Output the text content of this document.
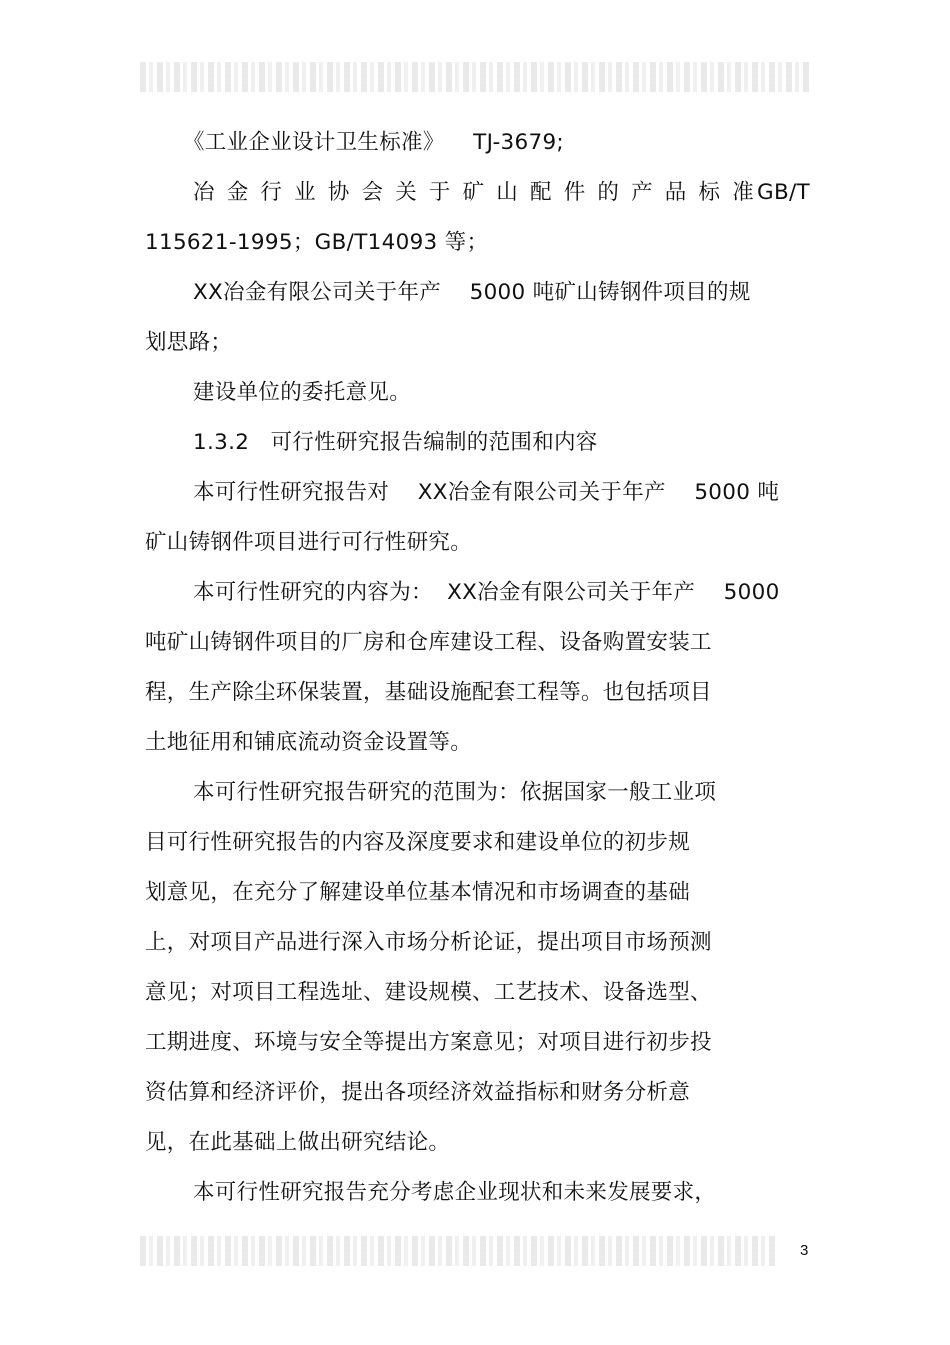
《工业企业设计卫生标准》    TJ-3679;
冶金行业协会关于矿山配件的产品标准
GB/T
115621-1995；GB/T14093 等；
XX冶金有限公司关于年产    5000 吨矿山铸钢件项目的规
划思路；
建设单位的委托意见。
1.3.2   可行性研究报告编制的范围和内容
本可行性研究报告对    XX冶金有限公司关于年产    5000 吨
矿山铸钢件项目进行可行性研究。
本可行性研究的内容为：  XX冶金有限公司关于年产    5000
吨矿山铸钢件项目的厂房和仓库建设工程、设备购置安装工
程，生产除尘环保装置，基础设施配套工程等。也包括项目
土地征用和铺底流动资金设置等。
本可行性研究报告研究的范围为：依据国家一般工业项
目可行性研究报告的内容及深度要求和建设单位的初步规
划意见，在充分了解建设单位基本情况和市场调查的基础
上，对项目产品进行深入市场分析论证，提出项目市场预测
意见；对项目工程选址、建设规模、工艺技术、设备选型、
工期进度、环境与安全等提出方案意见；对项目进行初步投
资估算和经济评价，提出各项经济效益指标和财务分析意
见，在此基础上做出研究结论。
本可行性研究报告充分考虑企业现状和未来发展要求，
3
